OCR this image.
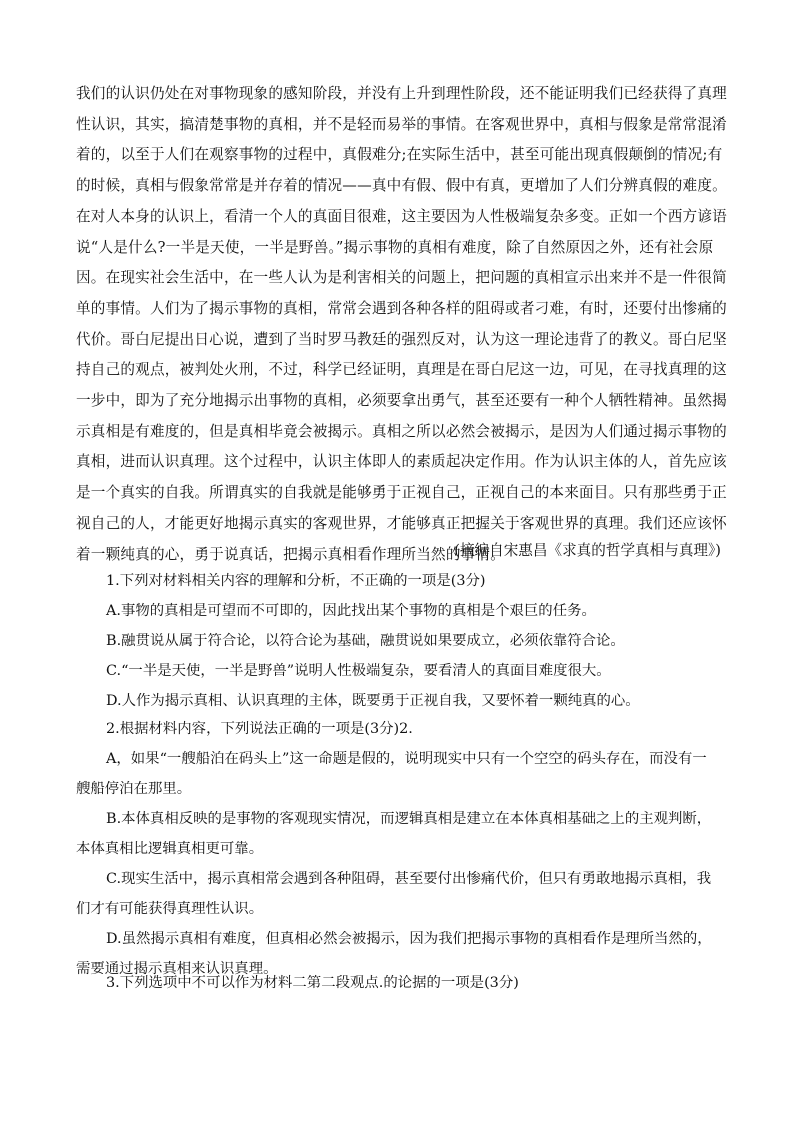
我们的认识仍处在对事物现象的感知阶段，并没有上升到理性阶段，还不能证明我们已经获得了真理
性认识，其实，搞清楚事物的真相，并不是轻而易举的事情。在客观世界中，真相与假象是常常混淆
着的，以至于人们在观察事物的过程中，真假难分;在实际生活中，甚至可能出现真假颠倒的情况;有
的时候，真相与假象常常是并存着的情况——真中有假、假中有真，更增加了人们分辨真假的难度。
在对人本身的认识上，看清一个人的真面目很难，这主要因为人性极端复杂多变。正如一个西方谚语
说“人是什么?一半是天使，一半是野兽。”揭示事物的真相有难度，除了自然原因之外，还有社会原
因。在现实社会生活中，在一些人认为是利害相关的问题上，把问题的真相宣示出来并不是一件很简
单的事情。人们为了揭示事物的真相，常常会遇到各种各样的阻碍或者刁难，有时，还要付出惨痛的
代价。哥白尼提出日心说，遭到了当时罗马教廷的强烈反对，认为这一理论违背了的教义。哥白尼坚
持自己的观点，被判处火刑，不过，科学已经证明，真理是在哥白尼这一边，可见，在寻找真理的这
一步中，即为了充分地揭示出事物的真相，必须要拿出勇气，甚至还要有一种个人牺牲精神。虽然揭
示真相是有难度的，但是真相毕竟会被揭示。真相之所以必然会被揭示，是因为人们通过揭示事物的
真相，进而认识真理。这个过程中，认识主体即人的素质起决定作用。作为认识主体的人，首先应该
是一个真实的自我。所谓真实的自我就是能够勇于正视自己，正视自己的本来面目。只有那些勇于正
视自己的人，才能更好地揭示真实的客观世界，才能够真正把握关于客观世界的真理。我们还应该怀
着一颗纯真的心，勇于说真话，把揭示真相看作理所当然的事情。
(摘编自宋惠昌《求真的哲学真相与真理》)
1.下列对材料相关内容的理解和分析，不正确的一项是(3分)
A.事物的真相是可望而不可即的，因此找出某个事物的真相是个艰巨的任务。
B.融贯说从属于符合论，以符合论为基础，融贯说如果要成立，必须依靠符合论。
C.“一半是天使，一半是野兽”说明人性极端复杂，要看清人的真面目难度很大。
D.人作为揭示真相、认识真理的主体，既要勇于正视自我，又要怀着一颗纯真的心。
2.根据材料内容，下列说法正确的一项是(3分)2.
A，如果“一艘船泊在码头上”这一命题是假的，说明现实中只有一个空空的码头存在，而没有一
艘船停泊在那里。
B.本体真相反映的是事物的客观现实情况，而逻辑真相是建立在本体真相基础之上的主观判断，
本体真相比逻辑真相更可靠。
C.现实生活中，揭示真相常会遇到各种阻碍，甚至要付出惨痛代价，但只有勇敢地揭示真相，我
们才有可能获得真理性认识。
D.虽然揭示真相有难度，但真相必然会被揭示，因为我们把揭示事物的真相看作是理所当然的，
需要通过揭示真相来认识真理。
3.下列选项中不可以作为材料二第二段观点.的论据的一项是(3分)
